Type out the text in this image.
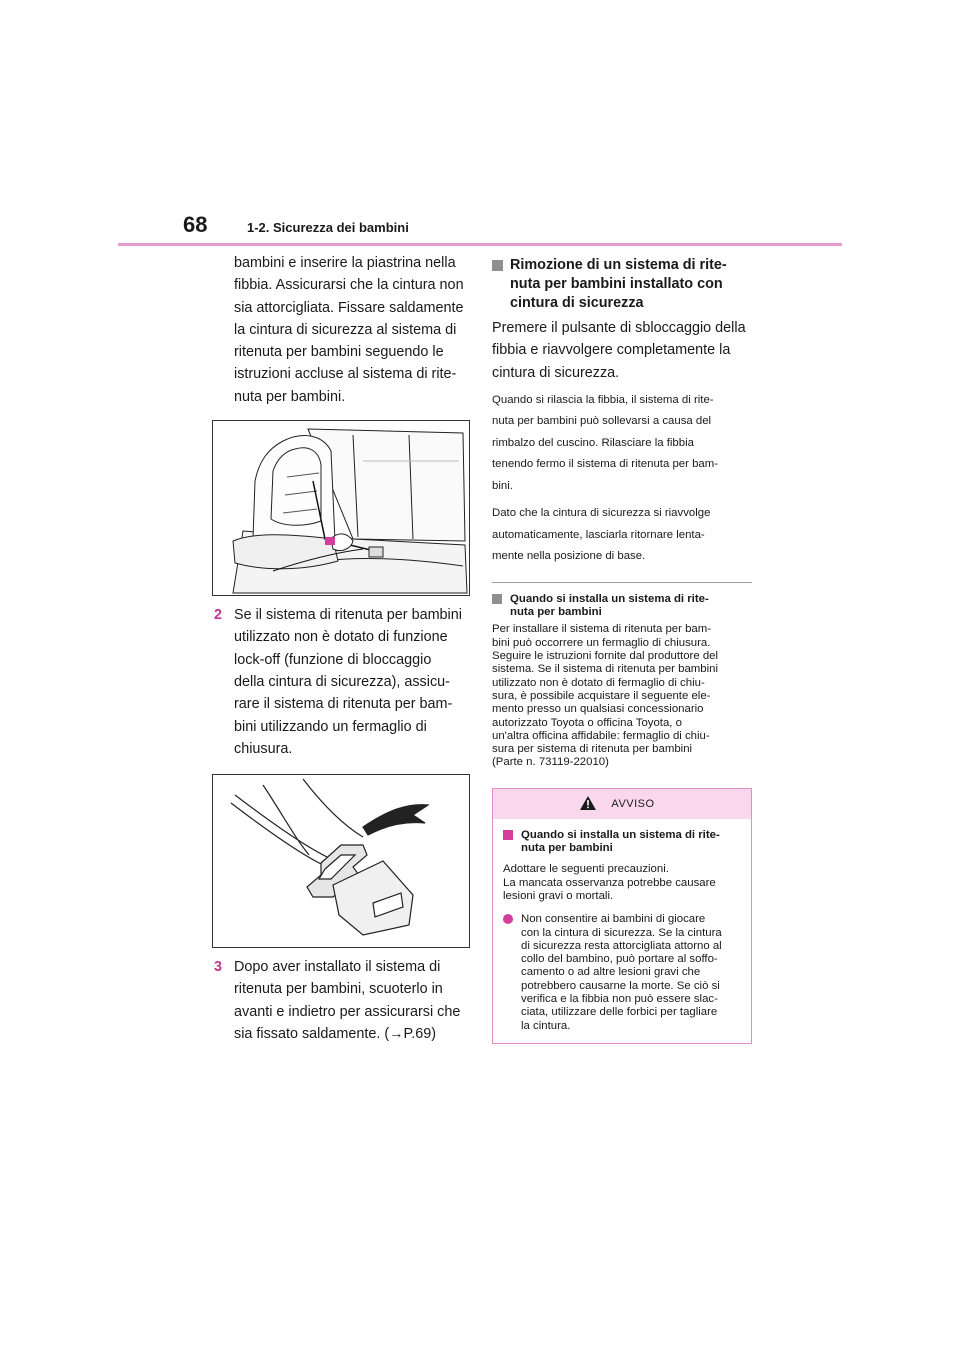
68	1-2. Sicurezza dei bambini
bambini e inserire la piastrina nella
fibbia. Assicurarsi che la cintura non
sia attorcigliata. Fissare saldamente
la cintura di sicurezza al sistema di
ritenuta per bambini seguendo le
istruzioni accluse al sistema di rite-
nuta per bambini.
2 Se il sistema di ritenuta per bambini
utilizzato non è dotato di funzione
lock-off (funzione di bloccaggio
della cintura di sicurezza), assicu-
rare il sistema di ritenuta per bam-
bini utilizzando un fermaglio di
chiusura.
3 Dopo aver installato il sistema di
ritenuta per bambini, scuoterlo in
avanti e indietro per assicurarsi che
sia fissato saldamente. (→P.69)
Rimozione di un sistema di rite-
nuta per bambini installato con
cintura di sicurezza
Premere il pulsante di sbloccaggio della
fibbia e riavvolgere completamente la
cintura di sicurezza.
Quando si rilascia la fibbia, il sistema di rite-
nuta per bambini può sollevarsi a causa del
rimbalzo del cuscino. Rilasciare la fibbia
tenendo fermo il sistema di ritenuta per bam-
bini.
Dato che la cintura di sicurezza si riavvolge
automaticamente, lasciarla ritornare lenta-
mente nella posizione di base.
Quando si installa un sistema di rite-
nuta per bambini
Per installare il sistema di ritenuta per bam-
bini può occorrere un fermaglio di chiusura.
Seguire le istruzioni fornite dal produttore del
sistema. Se il sistema di ritenuta per bambini
utilizzato non è dotato di fermaglio di chiu-
sura, è possibile acquistare il seguente ele-
mento presso un qualsiasi concessionario
autorizzato Toyota o officina Toyota, o
un'altra officina affidabile: fermaglio di chiu-
sura per sistema di ritenuta per bambini
(Parte n. 73119-22010)
AVVISO
Quando si installa un sistema di rite-
nuta per bambini
Adottare le seguenti precauzioni.
La mancata osservanza potrebbe causare
lesioni gravi o mortali.
Non consentire ai bambini di giocare
con la cintura di sicurezza. Se la cintura
di sicurezza resta attorcigliata attorno al
collo del bambino, può portare al soffo-
camento o ad altre lesioni gravi che
potrebbero causarne la morte. Se ciò si
verifica e la fibbia non può essere slac-
ciata, utilizzare delle forbici per tagliare
la cintura.
